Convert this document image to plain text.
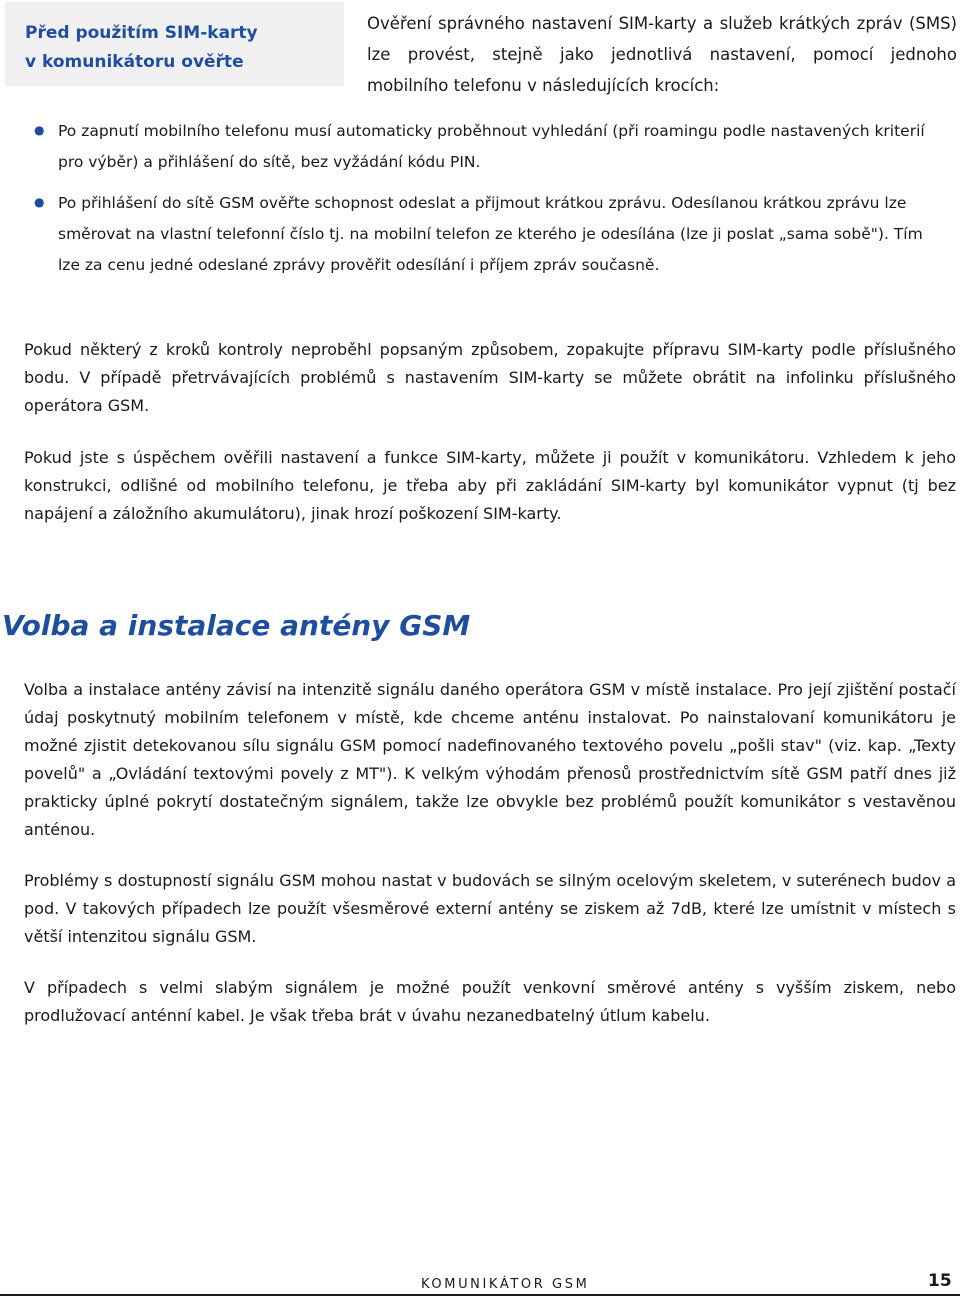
Před použitím SIM-karty
v komunikátoru ověřte
Ověření správného nastavení SIM-karty a služeb krátkých zpráv (SMS) lze provést, stejně jako jednotlivá nastavení, pomocí jednoho mobilního telefonu v následujících krocích:
● Po zapnutí mobilního telefonu musí automaticky proběhnout vyhledání (při roamingu podle nastavených kriterií pro výběr) a přihlášení do sítě, bez vyžádání kódu PIN.
● Po přihlášení do sítě GSM ověřte schopnost odeslat a přijmout krátkou zprávu. Odesílanou krátkou zprávu lze směrovat na vlastní telefonní číslo tj. na mobilní telefon ze kterého je odesílána (lze ji poslat „sama sobě"). Tím lze za cenu jedné odeslané zprávy prověřit odesílání i příjem zpráv současně.
Pokud některý z kroků kontroly neproběhl popsaným způsobem, zopakujte přípravu SIM-karty podle příslušného bodu. V případě přetrvávajících problémů s nastavením SIM-karty se můžete obrátit na infolinku příslušného operátora GSM.
Pokud jste s úspěchem ověřili nastavení a funkce SIM-karty, můžete ji použít v komunikátoru. Vzhledem k jeho konstrukci, odlišné od mobilního telefonu, je třeba aby při zakládání SIM-karty byl komunikátor vypnut (tj bez napájení a záložního akumulátoru), jinak hrozí poškození SIM-karty.
Volba a instalace antény GSM
Volba a instalace antény závisí na intenzitě signálu daného operátora GSM v místě instalace. Pro její zjištění postačí údaj poskytnutý mobilním telefonem v místě, kde chceme anténu instalovat. Po nainstalovaní komunikátoru je možné zjistit detekovanou sílu signálu GSM pomocí nadefinovaného textového povelu „pošli stav" (viz. kap. „Texty povelů" a „Ovládání textovými povely z MT"). K velkým výhodám přenosů prostřednictvím sítě GSM patří dnes již prakticky úplné pokrytí dostatečným signálem, takže lze obvykle bez problémů použít komunikátor s vestavěnou anténou.
Problémy s dostupností signálu GSM mohou nastat v budovách se silným ocelovým skeletem, v suterénech budov a pod. V takových případech lze použít všesměrové externí antény se ziskem až 7dB, které lze umístnit v místech s větší intenzitou signálu GSM.
V případech s velmi slabým signálem je možné použít venkovní směrové antény s vyšším ziskem, nebo prodlužovací anténní kabel. Je však třeba brát v úvahu nezanedbatelný útlum kabelu.
KOMUNIKÁTOR GSM	15
